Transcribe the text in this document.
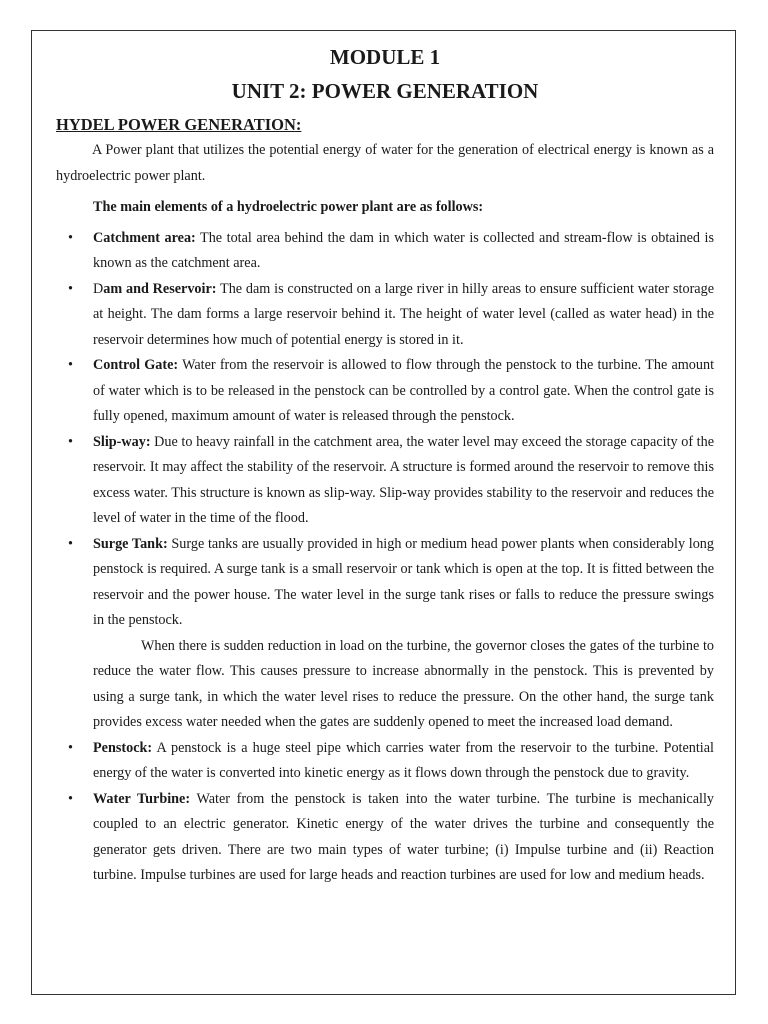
MODULE 1
UNIT 2: POWER GENERATION
HYDEL POWER GENERATION:

A Power plant that utilizes the potential energy of water for the generation of electrical energy is known as a hydroelectric power plant.

The main elements of a hydroelectric power plant are as follows:

• Catchment area: The total area behind the dam in which water is collected and stream-flow is obtained is known as the catchment area.
• Dam and Reservoir: The dam is constructed on a large river in hilly areas to ensure sufficient water storage at height. The dam forms a large reservoir behind it. The height of water level (called as water head) in the reservoir determines how much of potential energy is stored in it.
• Control Gate: Water from the reservoir is allowed to flow through the penstock to the turbine. The amount of water which is to be released in the penstock can be controlled by a control gate. When the control gate is fully opened, maximum amount of water is released through the penstock.
• Slip-way: Due to heavy rainfall in the catchment area, the water level may exceed the storage capacity of the reservoir. It may affect the stability of the reservoir. A structure is formed around the reservoir to remove this excess water. This structure is known as slip-way. Slip-way provides stability to the reservoir and reduces the level of water in the time of the flood.
• Surge Tank: Surge tanks are usually provided in high or medium head power plants when considerably long penstock is required. A surge tank is a small reservoir or tank which is open at the top. It is fitted between the reservoir and the power house. The water level in the surge tank rises or falls to reduce the pressure swings in the penstock.
When there is sudden reduction in load on the turbine, the governor closes the gates of the turbine to reduce the water flow. This causes pressure to increase abnormally in the penstock. This is prevented by using a surge tank, in which the water level rises to reduce the pressure. On the other hand, the surge tank provides excess water needed when the gates are suddenly opened to meet the increased load demand.
• Penstock: A penstock is a huge steel pipe which carries water from the reservoir to the turbine. Potential energy of the water is converted into kinetic energy as it flows down through the penstock due to gravity.
• Water Turbine: Water from the penstock is taken into the water turbine. The turbine is mechanically coupled to an electric generator. Kinetic energy of the water drives the turbine and consequently the generator gets driven. There are two main types of water turbine; (i) Impulse turbine and (ii) Reaction turbine. Impulse turbines are used for large heads and reaction turbines are used for low and medium heads.
